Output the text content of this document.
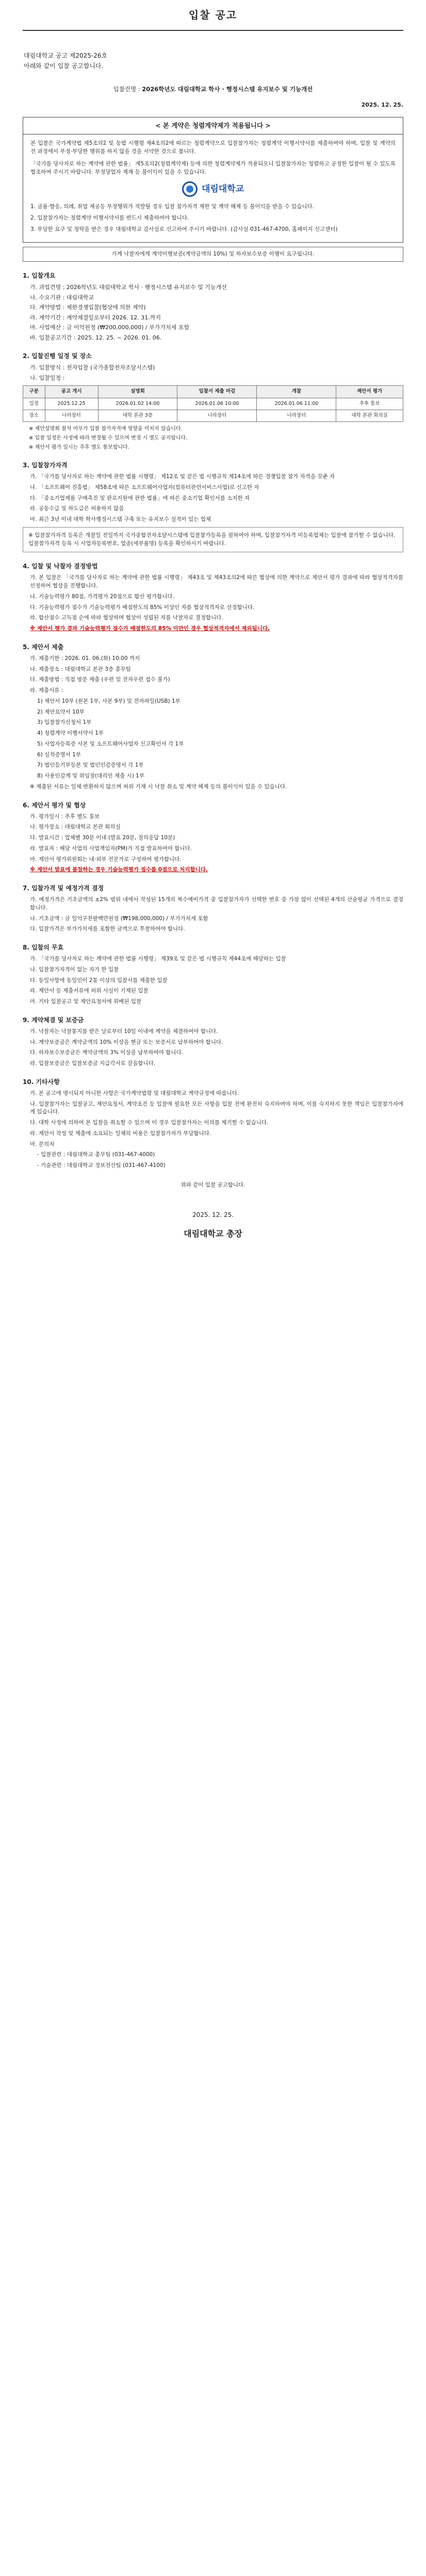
입찰 공고
대림대학교 공고 제2025-26호
아래와 같이 입찰 공고합니다.
입찰건명 : 2026학년도 대림대학교 학사 · 행정시스템 유지보수 및 기능개선
2025. 12. 25.
< 본 게약은 청렴게약제가 적용됩니다 >

본 입찰은 국가계약법 제5조의2 및 동법 시행령 제4조의2에 따르는 청렴계약으로 입찰참가자는 청렴계약 이행서약서를 제출하여야 하며, 입찰 및 계약의 전 과정에서 부정·부당한 행위를 하지 않을 것을 서약한 것으로 봅니다.

「국가를 당사자로 하는 계약에 관한 법률」 제5조의2(청렴계약제) 등에 의한 청렴계약제가 적용되오니 입찰참가자는 청렴하고 공정한 입찰이 될 수 있도록 협조하여 주시기 바랍니다. 부정당업자 제재 등 불이익이 있을 수 있습니다.

대림대학교
1. 금품·향응, 의례, 취업 제공등 부정행위가 적발될 경우 입찰 참가자격 제한 및 계약 해제 등 불이익을 받을 수 있습니다.
2. 입찰참가자는 청렴계약 이행서약서를 반드시 제출하여야 합니다.
3. 부당한 요구 및 청탁을 받은 경우 대림대학교 감사실로 신고하여 주시기 바랍니다. (감사실 031-467-4700, 홈페이지 신고센터)
가계 낙찰자에게 계약이행보증(계약금액의 10%) 및 하자보수보증 이행이 요구됩니다.
1. 입찰개요
가. 과업건명 : 2026학년도 대림대학교 학사 · 행정시스템 유지보수 및 기능개선
나. 수요기관 : 대림대학교
다. 계약방법 : 제한경쟁입찰(협상에 의한 계약)
라. 계약기간 : 계약체결일로부터 2026. 12. 31.까지
마. 사업예산 : 금 이억원정 (₩200,000,000) / 부가가치세 포함
바. 입찰공고기간 : 2025. 12. 25. ~ 2026. 01. 06.
2. 입찰진행 일정 및 장소
가. 입찰방식 : 전자입찰 (국가종합전자조달시스템)
나. 입찰일정 :
구분	공고 게시	설명회	입찰서 제출 마감	개찰	제안서 평가
일정	2025.12.25	2026.01.02 14:00	2026.01.06 10:00	2026.01.06 11:00	추후 통보
장소	나라장터	대학 본관 3층	나라장터	나라장터	대학 본관 회의실
※ 제안설명회 참석 여부가 입찰 참가자격에 영향을 미치지 않습니다.
※ 입찰 일정은 사정에 따라 변경될 수 있으며 변경 시 별도 공지합니다.
※ 제안서 평가 일시는 추후 별도 통보합니다.
3. 입찰참가자격

가. 「국가를 당사자로 하는 계약에 관한 법률 시행령」 제12조 및 같은 법 시행규칙 제14조에 따른 경쟁입찰 참가 자격을 갖춘 자

나. 「소프트웨어 진흥법」 제58조에 따른 소프트웨어사업자(컴퓨터관련서비스사업)로 신고한 자

다. 「중소기업제품 구매촉진 및 판로지원에 관한 법률」에 따른 중소기업 확인서를 소지한 자

라. 공동수급 및 하도급은 허용하지 않음

마. 최근 3년 이내 대학 학사행정시스템 구축 또는 유지보수 실적이 있는 업체

※ 입찰참가자격 등록은 개찰일 전일까지 국가종합전자조달시스템에 입찰참가등록을 필하여야 하며, 입찰참가자격 미등록업체는 입찰에 참가할 수 없습니다. 입찰참가자격 등록 시 사업자등록번호, 업종(세부품명) 등록을 확인하시기 바랍니다.
4. 입찰 및 낙찰자 결정방법

가. 본 입찰은 「국가를 당사자로 하는 계약에 관한 법률 시행령」 제43조 및 제43조의2에 따른 협상에 의한 계약으로 제안서 평가 결과에 따라 협상적격자를 선정하여 협상을 진행합니다.

나. 기술능력평가 80점, 가격평가 20점으로 합산 평가합니다.

다. 기술능력평가 점수가 기술능력평가 배점한도의 85% 이상인 자를 협상적격자로 선정합니다.

라. 합산점수 고득점 순에 따라 협상하며 협상이 성립된 자를 낙찰자로 결정합니다.

※ 제안서 평가 결과 기술능력평가 점수가 배점한도의 85% 미만인 경우 협상적격자에서 제외됩니다.

5. 제안서 제출

가. 제출기한 : 2026. 01. 06.(화) 10:00 까지

나. 제출장소 : 대림대학교 본관 3층 총무팀

다. 제출방법 : 직접 방문 제출 (우편 및 전자우편 접수 불가)

라. 제출서류 :

1) 제안서 10부 (원본 1부, 사본 9부) 및 전자파일(USB) 1부

2) 제안요약서 10부

3) 입찰참가신청서 1부

4) 청렴계약 이행서약서 1부

5) 사업자등록증 사본 및 소프트웨어사업자 신고확인서 각 1부

6) 실적증명서 1부

7) 법인등기부등본 및 법인인감증명서 각 1부

8) 사용인감계 및 위임장(대리인 제출 시) 1부

※ 제출된 서류는 일체 반환하지 않으며 허위 기재 시 낙찰 취소 및 계약 해제 등의 불이익이 있을 수 있습니다.

6. 제안서 평가 및 협상

가. 평가일시 : 추후 별도 통보

나. 평가장소 : 대림대학교 본관 회의실

다. 발표시간 : 업체별 30분 이내 (발표 20분, 질의응답 10분)

라. 발표자 : 해당 사업의 사업책임자(PM)가 직접 발표하여야 합니다.

마. 제안서 평가위원회는 내·외부 전문가로 구성하여 평가합니다.

※ 제안서 발표에 불참하는 경우 기술능력평가 점수를 0점으로 처리합니다.

7. 입찰가격 및 예정가격 결정

가. 예정가격은 기초금액의 ±2% 범위 내에서 작성된 15개의 복수예비가격 중 입찰참가자가 선택한 번호 중 가장 많이 선택된 4개의 산술평균 가격으로 결정합니다.

나. 기초금액 : 금 일억구천팔백만원정 (₩198,000,000) / 부가가치세 포함

다. 입찰가격은 부가가치세를 포함한 금액으로 투찰하여야 합니다.

8. 입찰의 무효

가. 「국가를 당사자로 하는 계약에 관한 법률 시행령」 제39조 및 같은 법 시행규칙 제44조에 해당하는 입찰

나. 입찰참가자격이 없는 자가 한 입찰

다. 동일사항에 동일인이 2통 이상의 입찰서를 제출한 입찰

라. 제안서 등 제출서류에 허위 사실이 기재된 입찰

마. 기타 입찰공고 및 제안요청서에 위배된 입찰

9. 계약체결 및 보증금

가. 낙찰자는 낙찰통지를 받은 날로부터 10일 이내에 계약을 체결하여야 합니다.

나. 계약보증금은 계약금액의 10% 이상을 현금 또는 보증서로 납부하여야 합니다.

다. 하자보수보증금은 계약금액의 3% 이상을 납부하여야 합니다.

라. 입찰보증금은 입찰보증금 지급각서로 갈음합니다.

10. 기타사항

가. 본 공고에 명시되지 아니한 사항은 국가계약법령 및 대림대학교 계약규정에 따릅니다.

나. 입찰참가자는 입찰공고, 제안요청서, 계약조건 등 입찰에 필요한 모든 사항을 입찰 전에 완전히 숙지하여야 하며, 이를 숙지하지 못한 책임은 입찰참가자에게 있습니다.

다. 대학 사정에 의하여 본 입찰을 취소할 수 있으며 이 경우 입찰참가자는 이의를 제기할 수 없습니다.

라. 제안서 작성 및 제출에 소요되는 일체의 비용은 입찰참가자가 부담합니다.

마. 문의처

- 입찰관련 : 대림대학교 총무팀 (031-467-4000)

- 기술관련 : 대림대학교 정보전산팀 (031-467-4100)

위와 같이 입찰 공고합니다.

2025. 12. 25.
대림대학교 총장
